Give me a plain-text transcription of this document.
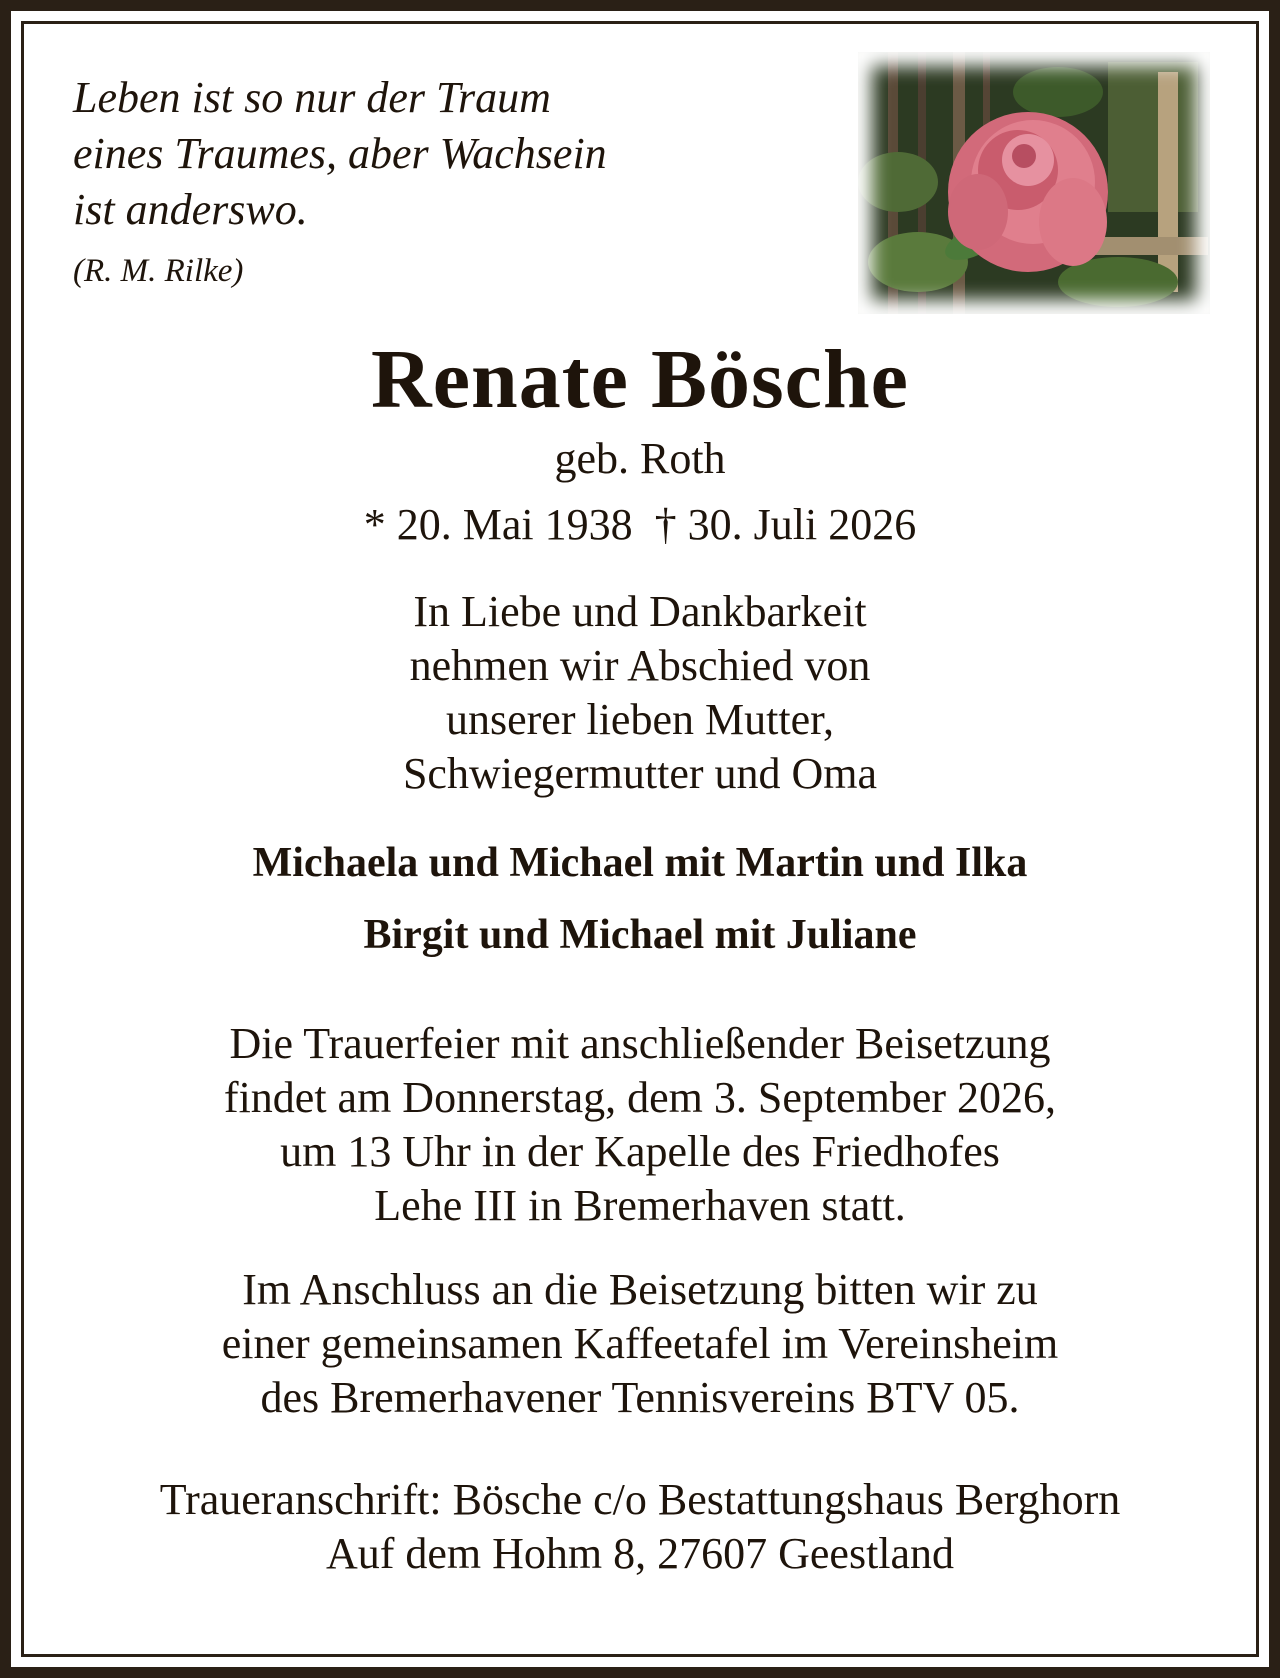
Leben ist so nur der Traum
eines Traumes, aber Wachsein
ist anderswo.
(R. M. Rilke)
Renate Bösche
geb. Roth
* 20. Mai 1938  † 30. Juli 2026
In Liebe und Dankbarkeit
nehmen wir Abschied von
unserer lieben Mutter,
Schwiegermutter und Oma
Michaela und Michael mit Martin und Ilka
Birgit und Michael mit Juliane
Die Trauerfeier mit anschließender Beisetzung
findet am Donnerstag, dem 3. September 2026,
um 13 Uhr in der Kapelle des Friedhofes
Lehe III in Bremerhaven statt.
Im Anschluss an die Beisetzung bitten wir zu
einer gemeinsamen Kaffeetafel im Vereinsheim
des Bremerhavener Tennisvereins BTV 05.
Traueranschrift: Bösche c/o Bestattungshaus Berghorn
Auf dem Hohm 8, 27607 Geestland
